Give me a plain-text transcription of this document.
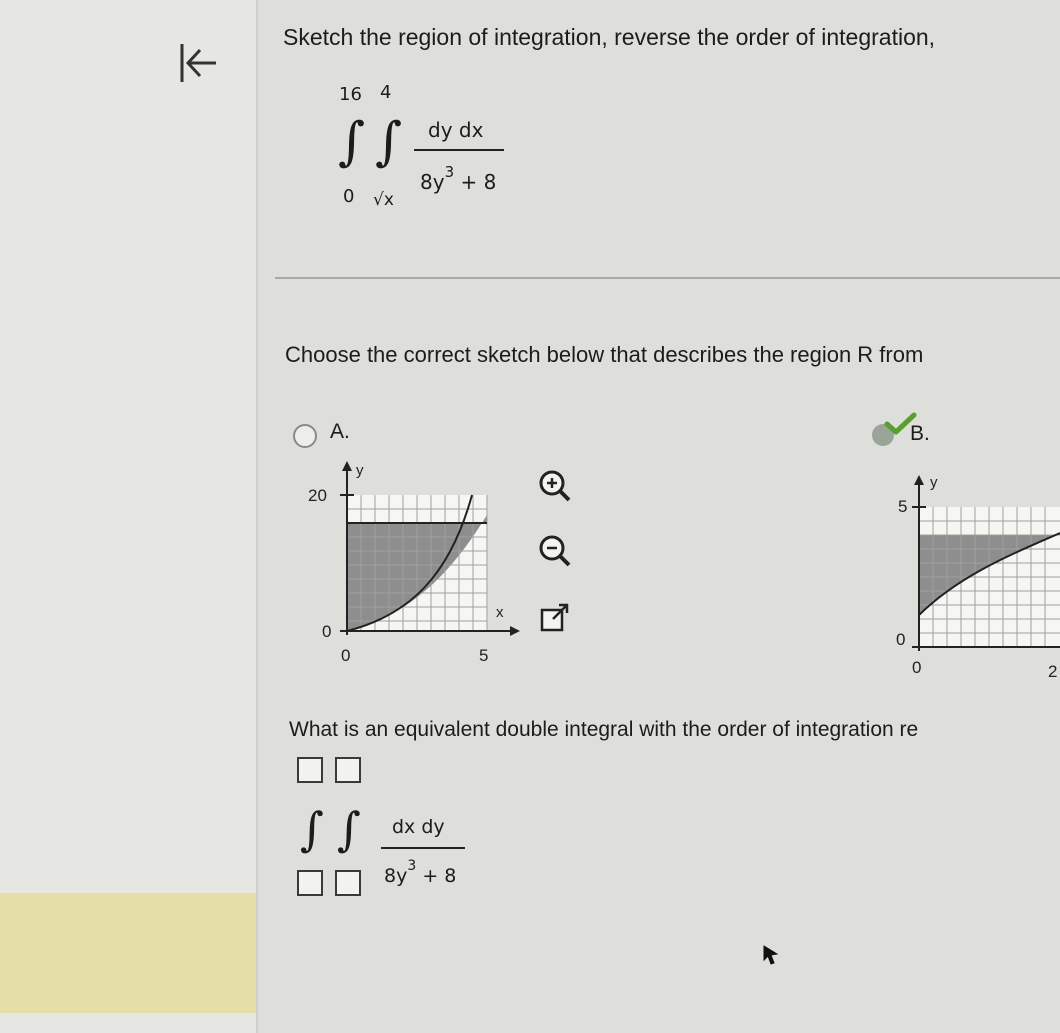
Sketch the region of integration, reverse the order of integration,
16 4
∫ ∫
0 √x
dy dx
$8y^3 + 8$
Choose the correct sketch below that describes the region R from
A.
y
x
20
0
0	5
B.
y
5
0
0	2
What is an equivalent double integral with the order of integration re
∫ ∫ dx dy
$8y^3 + 8$
